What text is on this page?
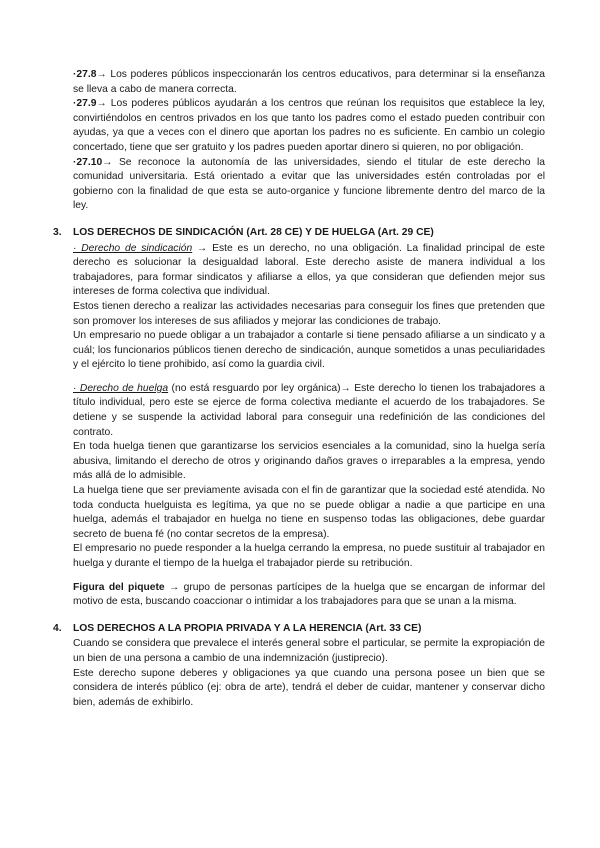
·27.8→ Los poderes públicos inspeccionarán los centros educativos, para determinar si la enseñanza se lleva a cabo de manera correcta.

·27.9→ Los poderes públicos ayudarán a los centros que reúnan los requisitos que establece la ley, convirtiéndolos en centros privados en los que tanto los padres como el estado pueden contribuir con ayudas, ya que a veces con el dinero que aportan los padres no es suficiente. En cambio un colegio concertado, tiene que ser gratuito y los padres pueden aportar dinero si quieren, no por obligación.

·27.10→ Se reconoce la autonomía de las universidades, siendo el titular de este derecho la comunidad universitaria. Está orientado a evitar que las universidades estén controladas por el gobierno con la finalidad de que esta se auto-organice y funcione libremente dentro del marco de la ley.

3. LOS DERECHOS DE SINDICACIÓN (Art. 28 CE) Y DE HUELGA (Art. 29 CE)

· Derecho de sindicación → Este es un derecho, no una obligación. La finalidad principal de este derecho es solucionar la desigualdad laboral. Este derecho asiste de manera individual a los trabajadores, para formar sindicatos y afiliarse a ellos, ya que consideran que defienden mejor sus intereses de forma colectiva que individual.

Estos tienen derecho a realizar las actividades necesarias para conseguir los fines que pretenden que son promover los intereses de sus afiliados y mejorar las condiciones de trabajo.

Un empresario no puede obligar a un trabajador a contarle si tiene pensado afiliarse a un sindicato y a cuál; los funcionarios públicos tienen derecho de sindicación, aunque sometidos a unas peculiaridades y el ejército lo tiene prohibido, así como la guardia civil.

· Derecho de huelga (no está resguardo por ley orgánica)→ Este derecho lo tienen los trabajadores a título individual, pero este se ejerce de forma colectiva mediante el acuerdo de los trabajadores. Se detiene y se suspende la actividad laboral para conseguir una redefinición de las condiciones del contrato.

En toda huelga tienen que garantizarse los servicios esenciales a la comunidad, sino la huelga sería abusiva, limitando el derecho de otros y originando daños graves o irreparables a la empresa, yendo más allá de lo admisible.

La huelga tiene que ser previamente avisada con el fin de garantizar que la sociedad esté atendida. No toda conducta huelguista es legítima, ya que no se puede obligar a nadie a que participe en una huelga, además el trabajador en huelga no tiene en suspenso todas las obligaciones, debe guardar secreto de buena fé (no contar secretos de la empresa).

El empresario no puede responder a la huelga cerrando la empresa, no puede sustituir al trabajador en huelga y durante el tiempo de la huelga el trabajador pierde su retribución.

Figura del piquete → grupo de personas partícipes de la huelga que se encargan de informar del motivo de esta, buscando coaccionar o intimidar a los trabajadores para que se unan a la misma.

4. LOS DERECHOS A LA PROPIA PRIVADA Y A LA HERENCIA (Art. 33 CE)

Cuando se considera que prevalece el interés general sobre el particular, se permite la expropiación de un bien de una persona a cambio de una indemnización (justiprecio).

Este derecho supone deberes y obligaciones ya que cuando una persona posee un bien que se considera de interés público (ej: obra de arte), tendrá el deber de cuidar, mantener y conservar dicho bien, además de exhibirlo.
